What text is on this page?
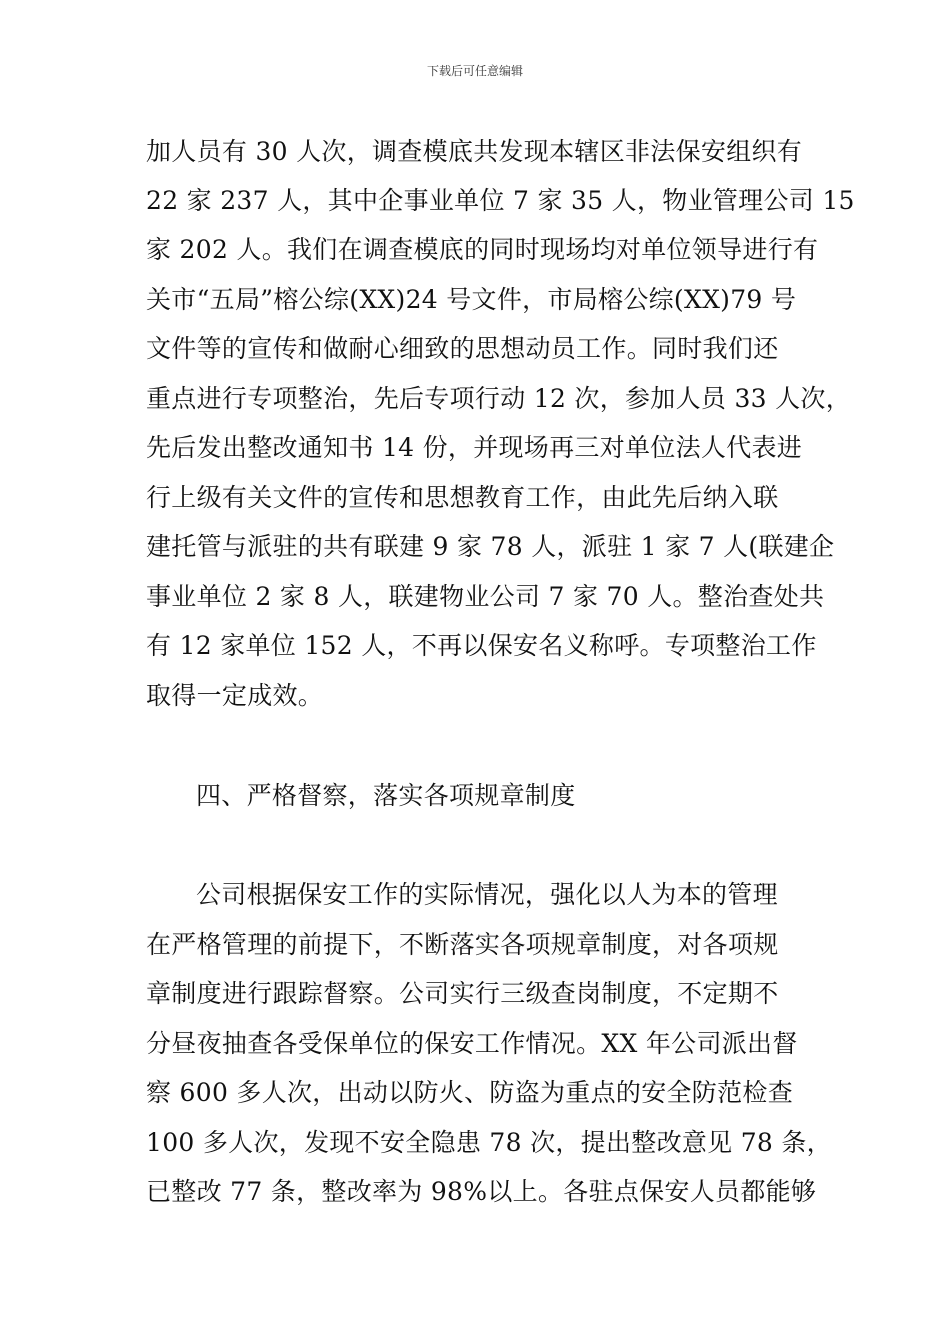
下载后可任意编辑
加人员有 30 人次，调查模底共发现本辖区非法保安组织有
22 家 237 人，其中企事业单位 7 家 35 人，物业管理公司 15
家 202 人。我们在调查模底的同时现场均对单位领导进行有
关市“五局”榕公综(XX)24 号文件，市局榕公综(XX)79 号
文件等的宣传和做耐心细致的思想动员工作。同时我们还
重点进行专项整治，先后专项行动 12 次，参加人员 33 人次，
先后发出整改通知书 14 份，并现场再三对单位法人代表进
行上级有关文件的宣传和思想教育工作，由此先后纳入联
建托管与派驻的共有联建 9 家 78 人，派驻 1 家 7 人(联建企
事业单位 2 家 8 人，联建物业公司 7 家 70 人。整治查处共
有 12 家单位 152 人，不再以保安名义称呼。专项整治工作
取得一定成效。
四、严格督察，落实各项规章制度
公司根据保安工作的实际情况，强化以人为本的管理
在严格管理的前提下，不断落实各项规章制度，对各项规
章制度进行跟踪督察。公司实行三级查岗制度，不定期不
分昼夜抽查各受保单位的保安工作情况。XX 年公司派出督
察 600 多人次，出动以防火、防盗为重点的安全防范检查
100 多人次，发现不安全隐患 78 次，提出整改意见 78 条，
已整改 77 条，整改率为 98%以上。各驻点保安人员都能够
